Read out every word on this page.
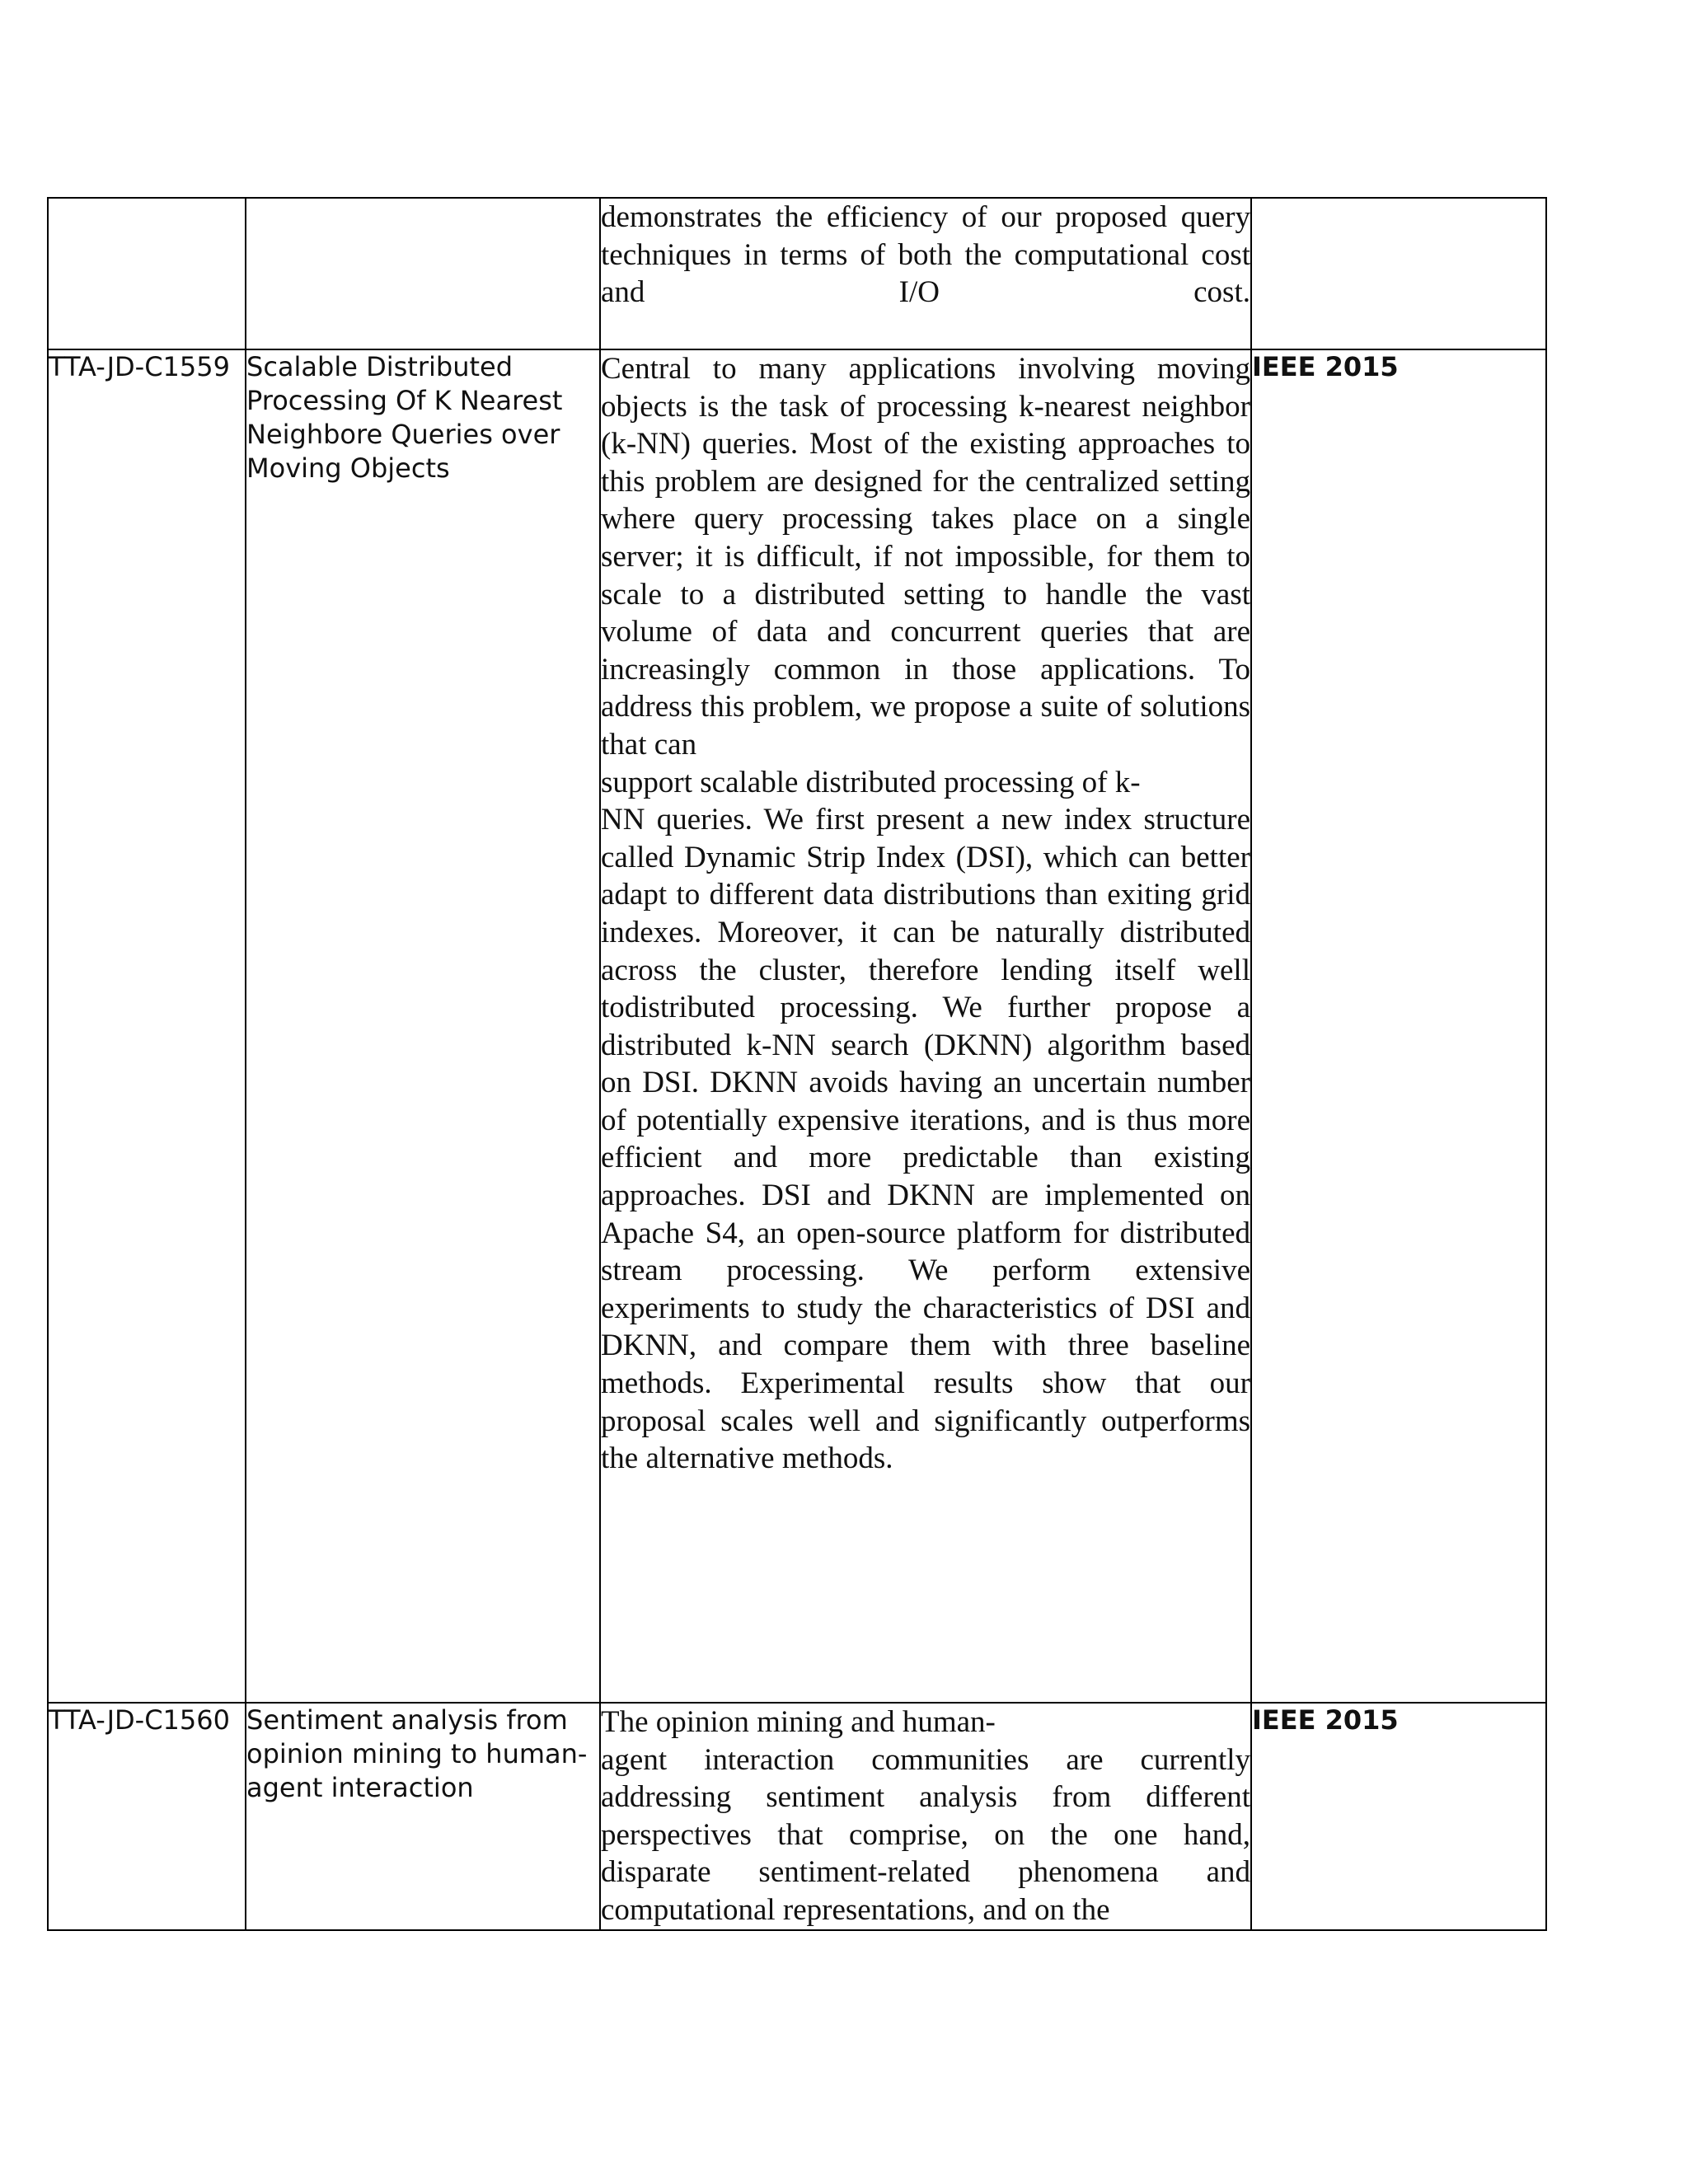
		demonstrates the efficiency of our proposed query techniques in terms of both the computational cost and I/O cost.	

TTA-JD-C1559	Scalable Distributed Processing Of K Nearest Neighbore Queries over Moving Objects	Central to many applications involving moving objects is the task of processing k-nearest neighbor (k-NN) queries. Most of the existing approaches to this problem are designed for the centralized setting where query processing takes place on a single server; it is difficult, if not impossible, for them to scale to a distributed setting to handle the vast volume of data and concurrent queries that are increasingly common in those applications. To address this problem, we propose a suite of solutions that can

support scalable distributed processing of k-

NN queries. We first present a new index structure called Dynamic Strip Index (DSI), which can better adapt to different data distributions than exiting grid indexes. Moreover, it can be naturally distributed across the cluster, therefore lending itself well todistributed processing. We further propose a distributed k-NN search (DKNN) algorithm based on DSI. DKNN avoids having an uncertain number of potentially expensive iterations, and is thus more efficient and more predictable than existing approaches. DSI and DKNN are implemented on Apache S4, an open-source platform for distributed stream processing. We perform extensive experiments to study the characteristics of DSI and DKNN, and compare them with three baseline methods. Experimental results show that our proposal scales well and significantly outperforms the alternative methods.	IEEE 2015
TTA-JD-C1560	Sentiment analysis from opinion mining to human-agent interaction	The opinion mining and human-

agent interaction communities are currently addressing sentiment analysis from different perspectives that comprise, on the one hand, disparate sentiment-related phenomena and computational representations, and on the	IEEE 2015
